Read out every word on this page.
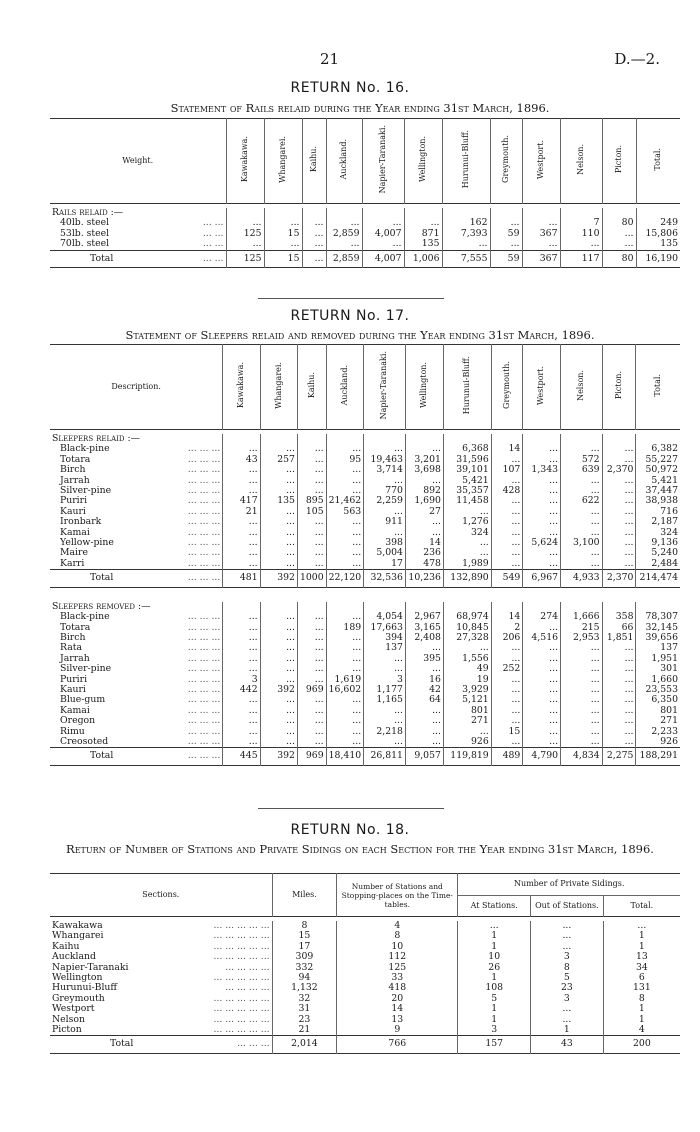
21	D.—2.
RETURN No. 16.
Statement of Rails relaid during the Year ending 31st March, 1896.
Weight.	Kawakawa.	Whangarei.	Kaihu.	Auckland.	Napier-Taranaki.	Wellington.	Hurunui-Bluff.	Greymouth.	Westport.	Nelson.	Picton.	Total.

Rails relaid :—												
40lb. steel ... ...	...	...	...	...	...	...	162	...	...	7	80	249
53lb. steel ... ...	125	15	...	2,859	4,007	871	7,393	59	367	110	...	15,806
70lb. steel ... ...	...	...	...	...	...	135	...	...	...	...	...	135
Total ... ...	125	15	...	2,859	4,007	1,006	7,555	59	367	117	80	16,190
RETURN No. 17.
Statement of Sleepers relaid and removed during the Year ending 31st March, 1896.
Description.	Kawakawa.	Whangarei.	Kaihu.	Auckland.	Napier-Taranaki.	Wellington.	Hurunui-Bluff.	Greymouth.	Westport.	Nelson.	Picton.	Total.

Sleepers relaid :—												
Black-pine ... ... ...	...	...	...	...	...	...	6,368	14	...	...	...	6,382
Totara ... ... ...	43	257	...	95	19,463	3,201	31,596	...	...	572	...	55,227
Birch ... ... ...	...	...	...	...	3,714	3,698	39,101	107	1,343	639	2,370	50,972
Jarrah ... ... ...	...	...	...	...	...	...	5,421	...	...	...	...	5,421
Silver-pine ... ... ...	...	...	...	...	770	892	35,357	428	...	...	...	37,447
Puriri ... ... ...	417	135	895	21,462	2,259	1,690	11,458	...	...	622	...	38,938
Kauri ... ... ...	21	...	105	563	...	27	...	...	...	...	...	716
Ironbark ... ... ...	...	...	...	...	911	...	1,276	...	...	...	...	2,187
Kamai ... ... ...	...	...	...	...	...	...	324	...	...	...	...	324
Yellow-pine ... ... ...	...	...	...	...	398	14	...	...	5,624	3,100	...	9,136
Maire ... ... ...	...	...	...	...	5,004	236	...	...	...	...	...	5,240
Karri ... ... ...	...	...	...	...	17	478	1,989	...	...	...	...	2,484
Total ... ... ...	481	392	1000	22,120	32,536	10,236	132,890	549	6,967	4,933	2,370	214,474

Sleepers removed :—												
Black-pine ... ... ...	...	...	...	...	4,054	2,967	68,974	14	274	1,666	358	78,307
Totara ... ... ...	...	...	...	189	17,663	3,165	10,845	2	...	215	66	32,145
Birch ... ... ...	...	...	...	...	394	2,408	27,328	206	4,516	2,953	1,851	39,656
Rata ... ... ...	...	...	...	...	137	...	...	...	...	...	...	137
Jarrah ... ... ...	...	...	...	...	...	395	1,556	...	...	...	...	1,951
Silver-pine ... ... ...	...	...	...	...	...	...	49	252	...	...	...	301
Puriri ... ... ...	3	...	...	1,619	3	16	19	...	...	...	...	1,660
Kauri ... ... ...	442	392	969	16,602	1,177	42	3,929	...	...	...	...	23,553
Blue-gum ... ... ...	...	...	...	...	1,165	64	5,121	...	...	...	...	6,350
Kamai ... ... ...	...	...	...	...	...	...	801	...	...	...	...	801
Oregon ... ... ...	...	...	...	...	...	...	271	...	...	...	...	271
Rimu ... ... ...	...	...	...	...	2,218	...	...	15	...	...	...	2,233
Creosoted ... ... ...	...	...	...	...	...	...	926	...	...	...	...	926
Total ... ... ...	445	392	969	18,410	26,811	9,057	119,819	489	4,790	4,834	2,275	188,291
RETURN No. 18.
Return of Number of Stations and Private Sidings on each Section for the Year ending 31st March, 1896.
Sections.	Miles.	Number of Stations and Stopping-places on the Time-tables.	Number of Private Sidings.		
			At Stations.	Out of Stations.	Total.

Kawakawa ... ... ... ... ...	8	4	...	...	...
Whangarei ... ... ... ... ...	15	8	1	...	1
Kaihu ... ... ... ... ...	17	10	1	...	1
Auckland ... ... ... ... ...	309	112	10	3	13
Napier-Taranaki ... ... ... ...	332	125	26	8	34
Wellington ... ... ... ... ...	94	33	1	5	6
Hurunui-Bluff ... ... ... ...	1,132	418	108	23	131
Greymouth ... ... ... ... ...	32	20	5	3	8
Westport ... ... ... ... ...	31	14	1	...	1
Nelson ... ... ... ... ...	23	13	1	...	1
Picton ... ... ... ... ...	21	9	3	1	4
Total ... ... ...	2,014	766	157	43	200
